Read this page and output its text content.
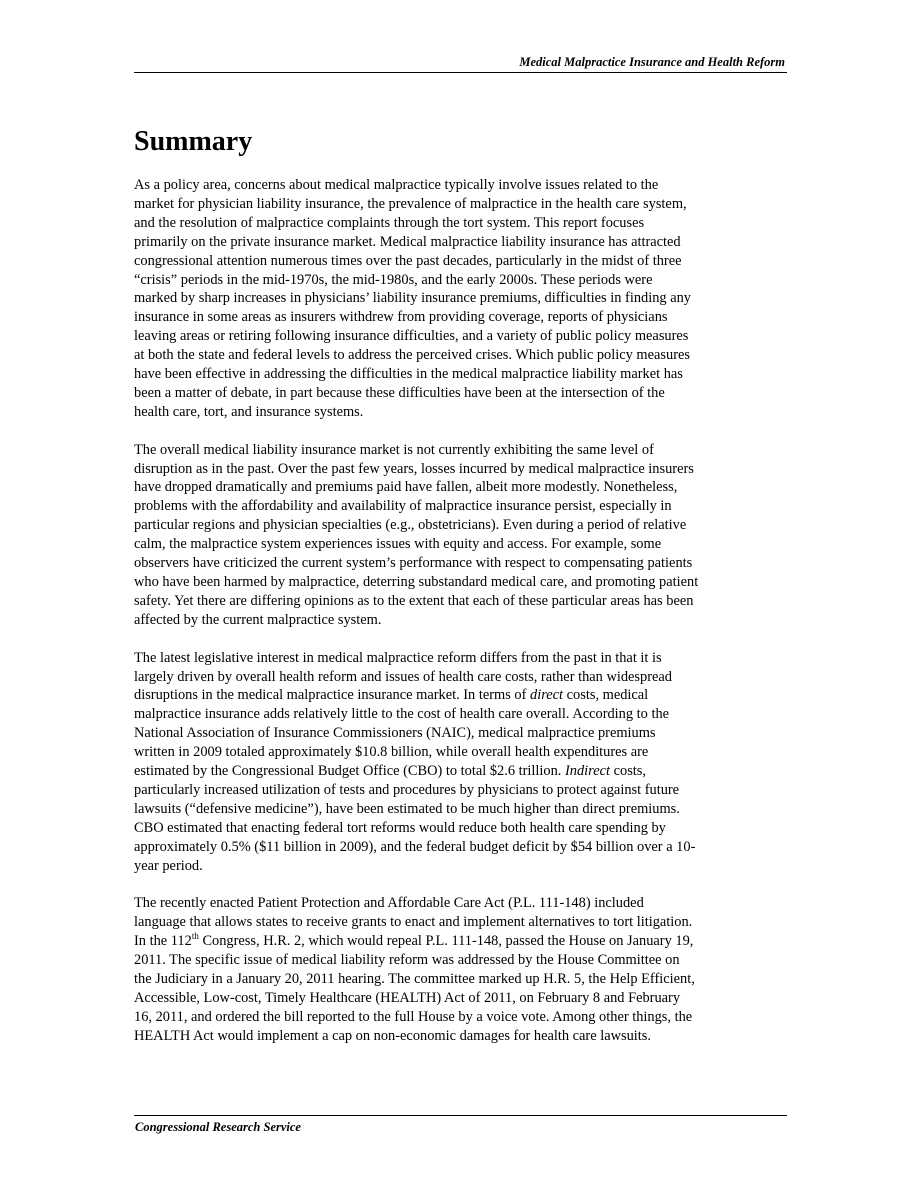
Medical Malpractice Insurance and Health Reform
Summary

As a policy area, concerns about medical malpractice typically involve issues related to the
market for physician liability insurance, the prevalence of malpractice in the health care system,
and the resolution of malpractice complaints through the tort system. This report focuses
primarily on the private insurance market. Medical malpractice liability insurance has attracted
congressional attention numerous times over the past decades, particularly in the midst of three
“crisis” periods in the mid-1970s, the mid-1980s, and the early 2000s. These periods were
marked by sharp increases in physicians’ liability insurance premiums, difficulties in finding any
insurance in some areas as insurers withdrew from providing coverage, reports of physicians
leaving areas or retiring following insurance difficulties, and a variety of public policy measures
at both the state and federal levels to address the perceived crises. Which public policy measures
have been effective in addressing the difficulties in the medical malpractice liability market has
been a matter of debate, in part because these difficulties have been at the intersection of the
health care, tort, and insurance systems.

The overall medical liability insurance market is not currently exhibiting the same level of
disruption as in the past. Over the past few years, losses incurred by medical malpractice insurers
have dropped dramatically and premiums paid have fallen, albeit more modestly. Nonetheless,
problems with the affordability and availability of malpractice insurance persist, especially in
particular regions and physician specialties (e.g., obstetricians). Even during a period of relative
calm, the malpractice system experiences issues with equity and access. For example, some
observers have criticized the current system’s performance with respect to compensating patients
who have been harmed by malpractice, deterring substandard medical care, and promoting patient
safety. Yet there are differing opinions as to the extent that each of these particular areas has been
affected by the current malpractice system.

The latest legislative interest in medical malpractice reform differs from the past in that it is
largely driven by overall health reform and issues of health care costs, rather than widespread
disruptions in the medical malpractice insurance market. In terms of direct costs, medical
malpractice insurance adds relatively little to the cost of health care overall. According to the
National Association of Insurance Commissioners (NAIC), medical malpractice premiums
written in 2009 totaled approximately $10.8 billion, while overall health expenditures are
estimated by the Congressional Budget Office (CBO) to total $2.6 trillion. Indirect costs,
particularly increased utilization of tests and procedures by physicians to protect against future
lawsuits (“defensive medicine”), have been estimated to be much higher than direct premiums.
CBO estimated that enacting federal tort reforms would reduce both health care spending by
approximately 0.5% ($11 billion in 2009), and the federal budget deficit by $54 billion over a 10-
year period.

The recently enacted Patient Protection and Affordable Care Act (P.L. 111-148) included
language that allows states to receive grants to enact and implement alternatives to tort litigation.
In the 112th Congress, H.R. 2, which would repeal P.L. 111-148, passed the House on January 19,
2011. The specific issue of medical liability reform was addressed by the House Committee on
the Judiciary in a January 20, 2011 hearing. The committee marked up H.R. 5, the Help Efficient,
Accessible, Low-cost, Timely Healthcare (HEALTH) Act of 2011, on February 8 and February
16, 2011, and ordered the bill reported to the full House by a voice vote. Among other things, the
HEALTH Act would implement a cap on non-economic damages for health care lawsuits.

Congressional Research Service
